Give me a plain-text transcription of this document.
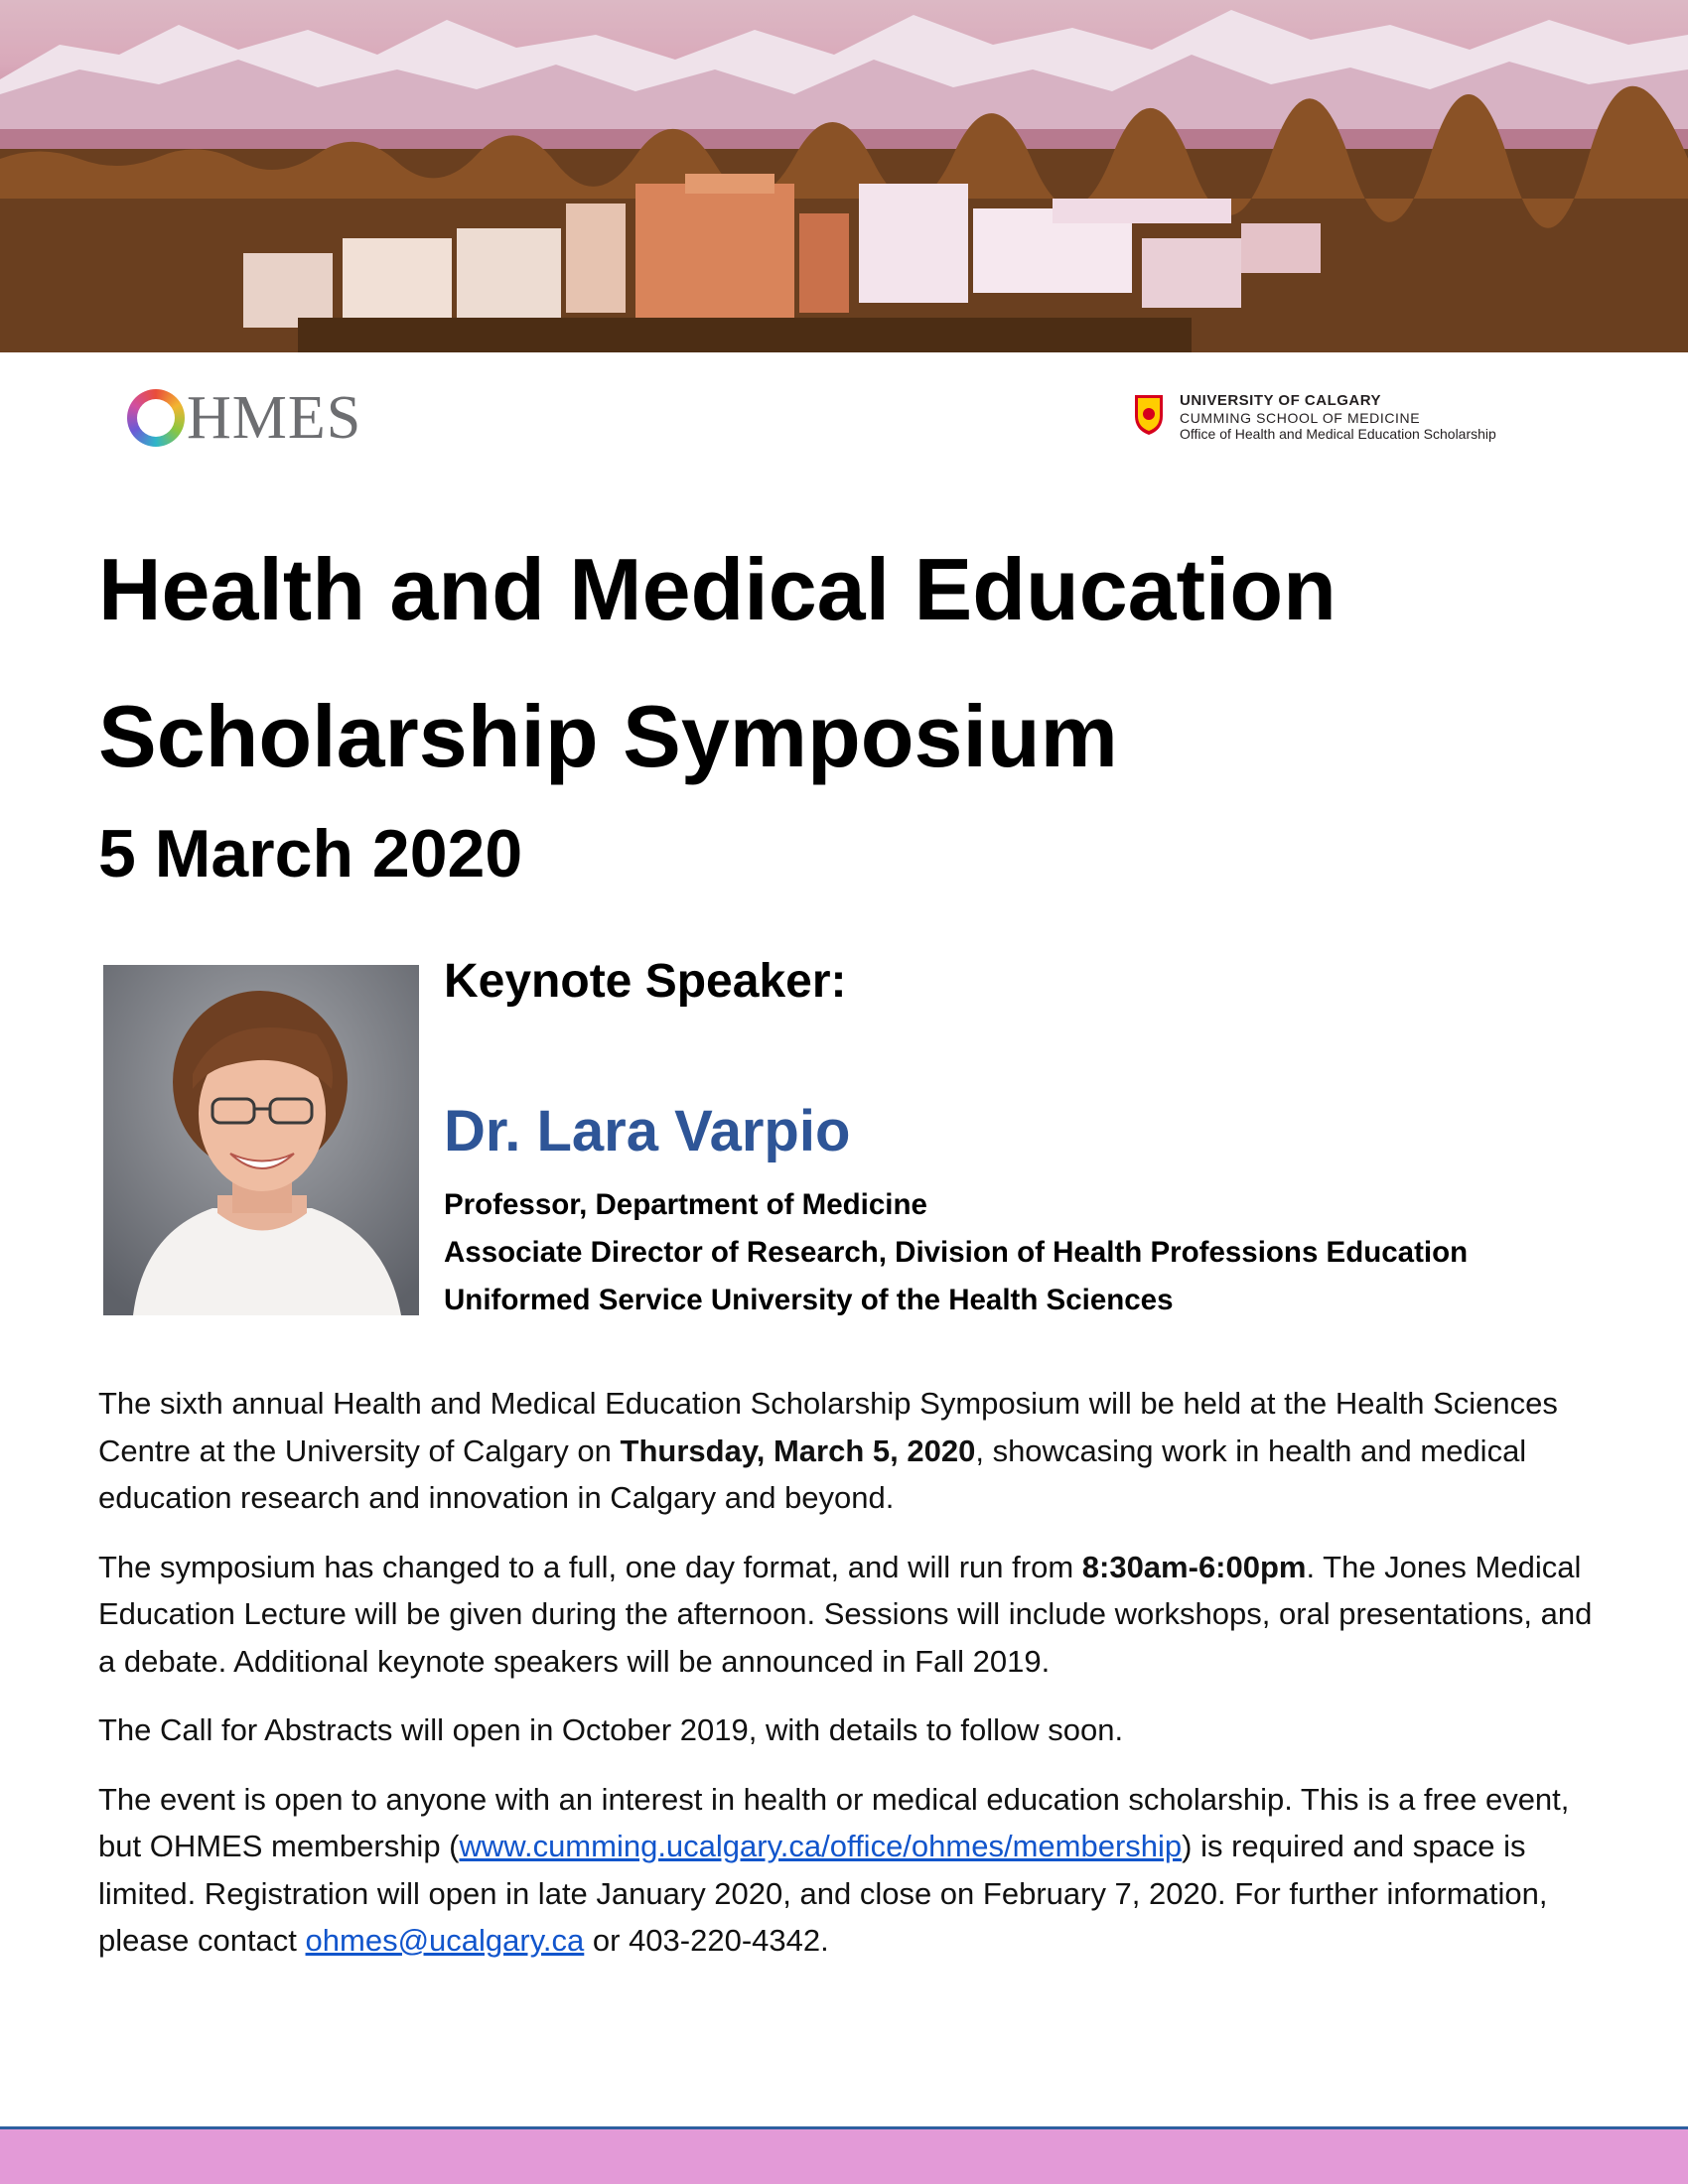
HMES	UNIVERSITY OF CALGARY
CUMMING SCHOOL OF MEDICINE
Office of Health and Medical Education Scholarship
Health and Medical Education Scholarship Symposium
5 March 2020
Keynote Speaker:
Dr. Lara Varpio
Professor, Department of Medicine
Associate Director of Research, Division of Health Professions Education
Uniformed Service University of the Health Sciences

The sixth annual Health and Medical Education Scholarship Symposium will be held at the Health Sciences Centre at the University of Calgary on Thursday, March 5, 2020, showcasing work in health and medical education research and innovation in Calgary and beyond.

The symposium has changed to a full, one day format, and will run from 8:30am-6:00pm. The Jones Medical Education Lecture will be given during the afternoon. Sessions will include workshops, oral presentations, and a debate. Additional keynote speakers will be announced in Fall 2019.

The Call for Abstracts will open in October 2019, with details to follow soon.

The event is open to anyone with an interest in health or medical education scholarship. This is a free event, but OHMES membership (www.cumming.ucalgary.ca/office/ohmes/membership) is required and space is limited. Registration will open in late January 2020, and close on February 7, 2020. For further information, please contact ohmes@ucalgary.ca or 403-220-4342.
